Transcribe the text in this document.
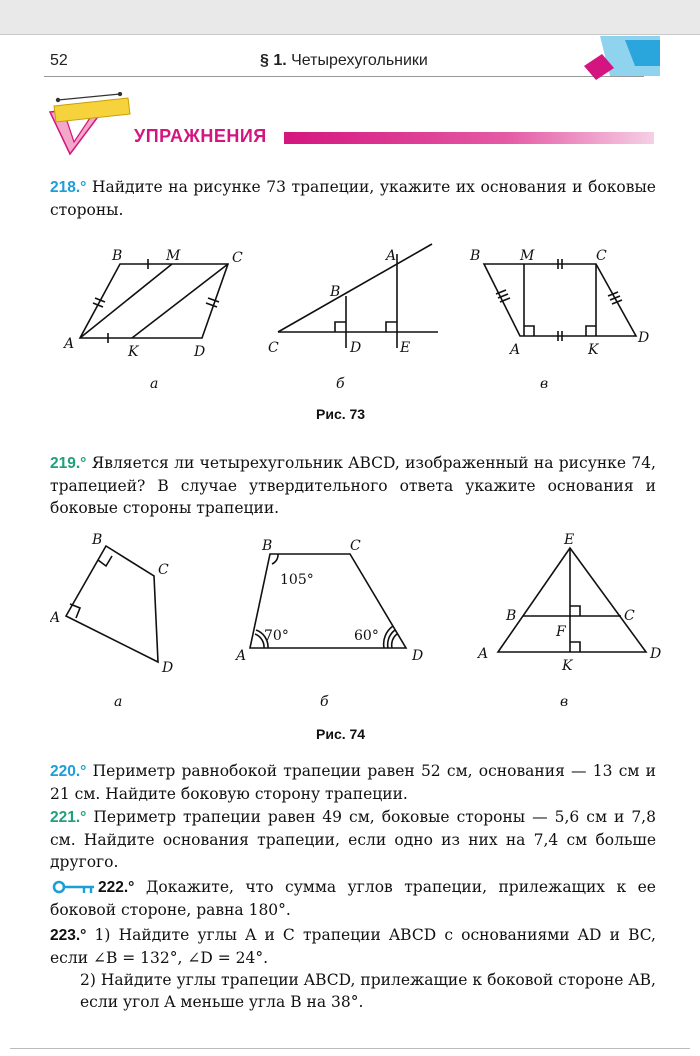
52	§ 1. Четырехугольники
УПРАЖНЕНИЯ
218.° Найдите на рисунке 73 трапеции, укажите их основания и боковые стороны.
B	M	C
A	K	D
A
B
C	D	E
B	M	C
A	K
D
а	б	в
Рис. 73
219.° Является ли четырехугольник ABCD, изображенный на рисунке 74, трапецией? В случае утвердительного ответа укажите основания и боковые стороны трапеции.
B
C
A
D
B	C
A	D
105°
70°	60°
E
B	C
F
A
K
D
а	б	в
Рис. 74
220.° Периметр равнобокой трапеции равен 52 см, основания — 13 см и 21 см. Найдите боковую сторону трапеции.
221.° Периметр трапеции равен 49 см, боковые стороны — 5,6 см и 7,8 см. Найдите основания трапеции, если одно из них на 7,4 см больше другого.
222.° Докажите, что сумма углов трапеции, прилежащих к ее боковой стороне, равна 180°.
223.° 1) Найдите углы A и C трапеции ABCD с основаниями AD и BC, если ∠B = 132°, ∠D = 24°.
2) Найдите углы трапеции ABCD, прилежащие к боковой стороне AB, если угол A меньше угла B на 38°.
